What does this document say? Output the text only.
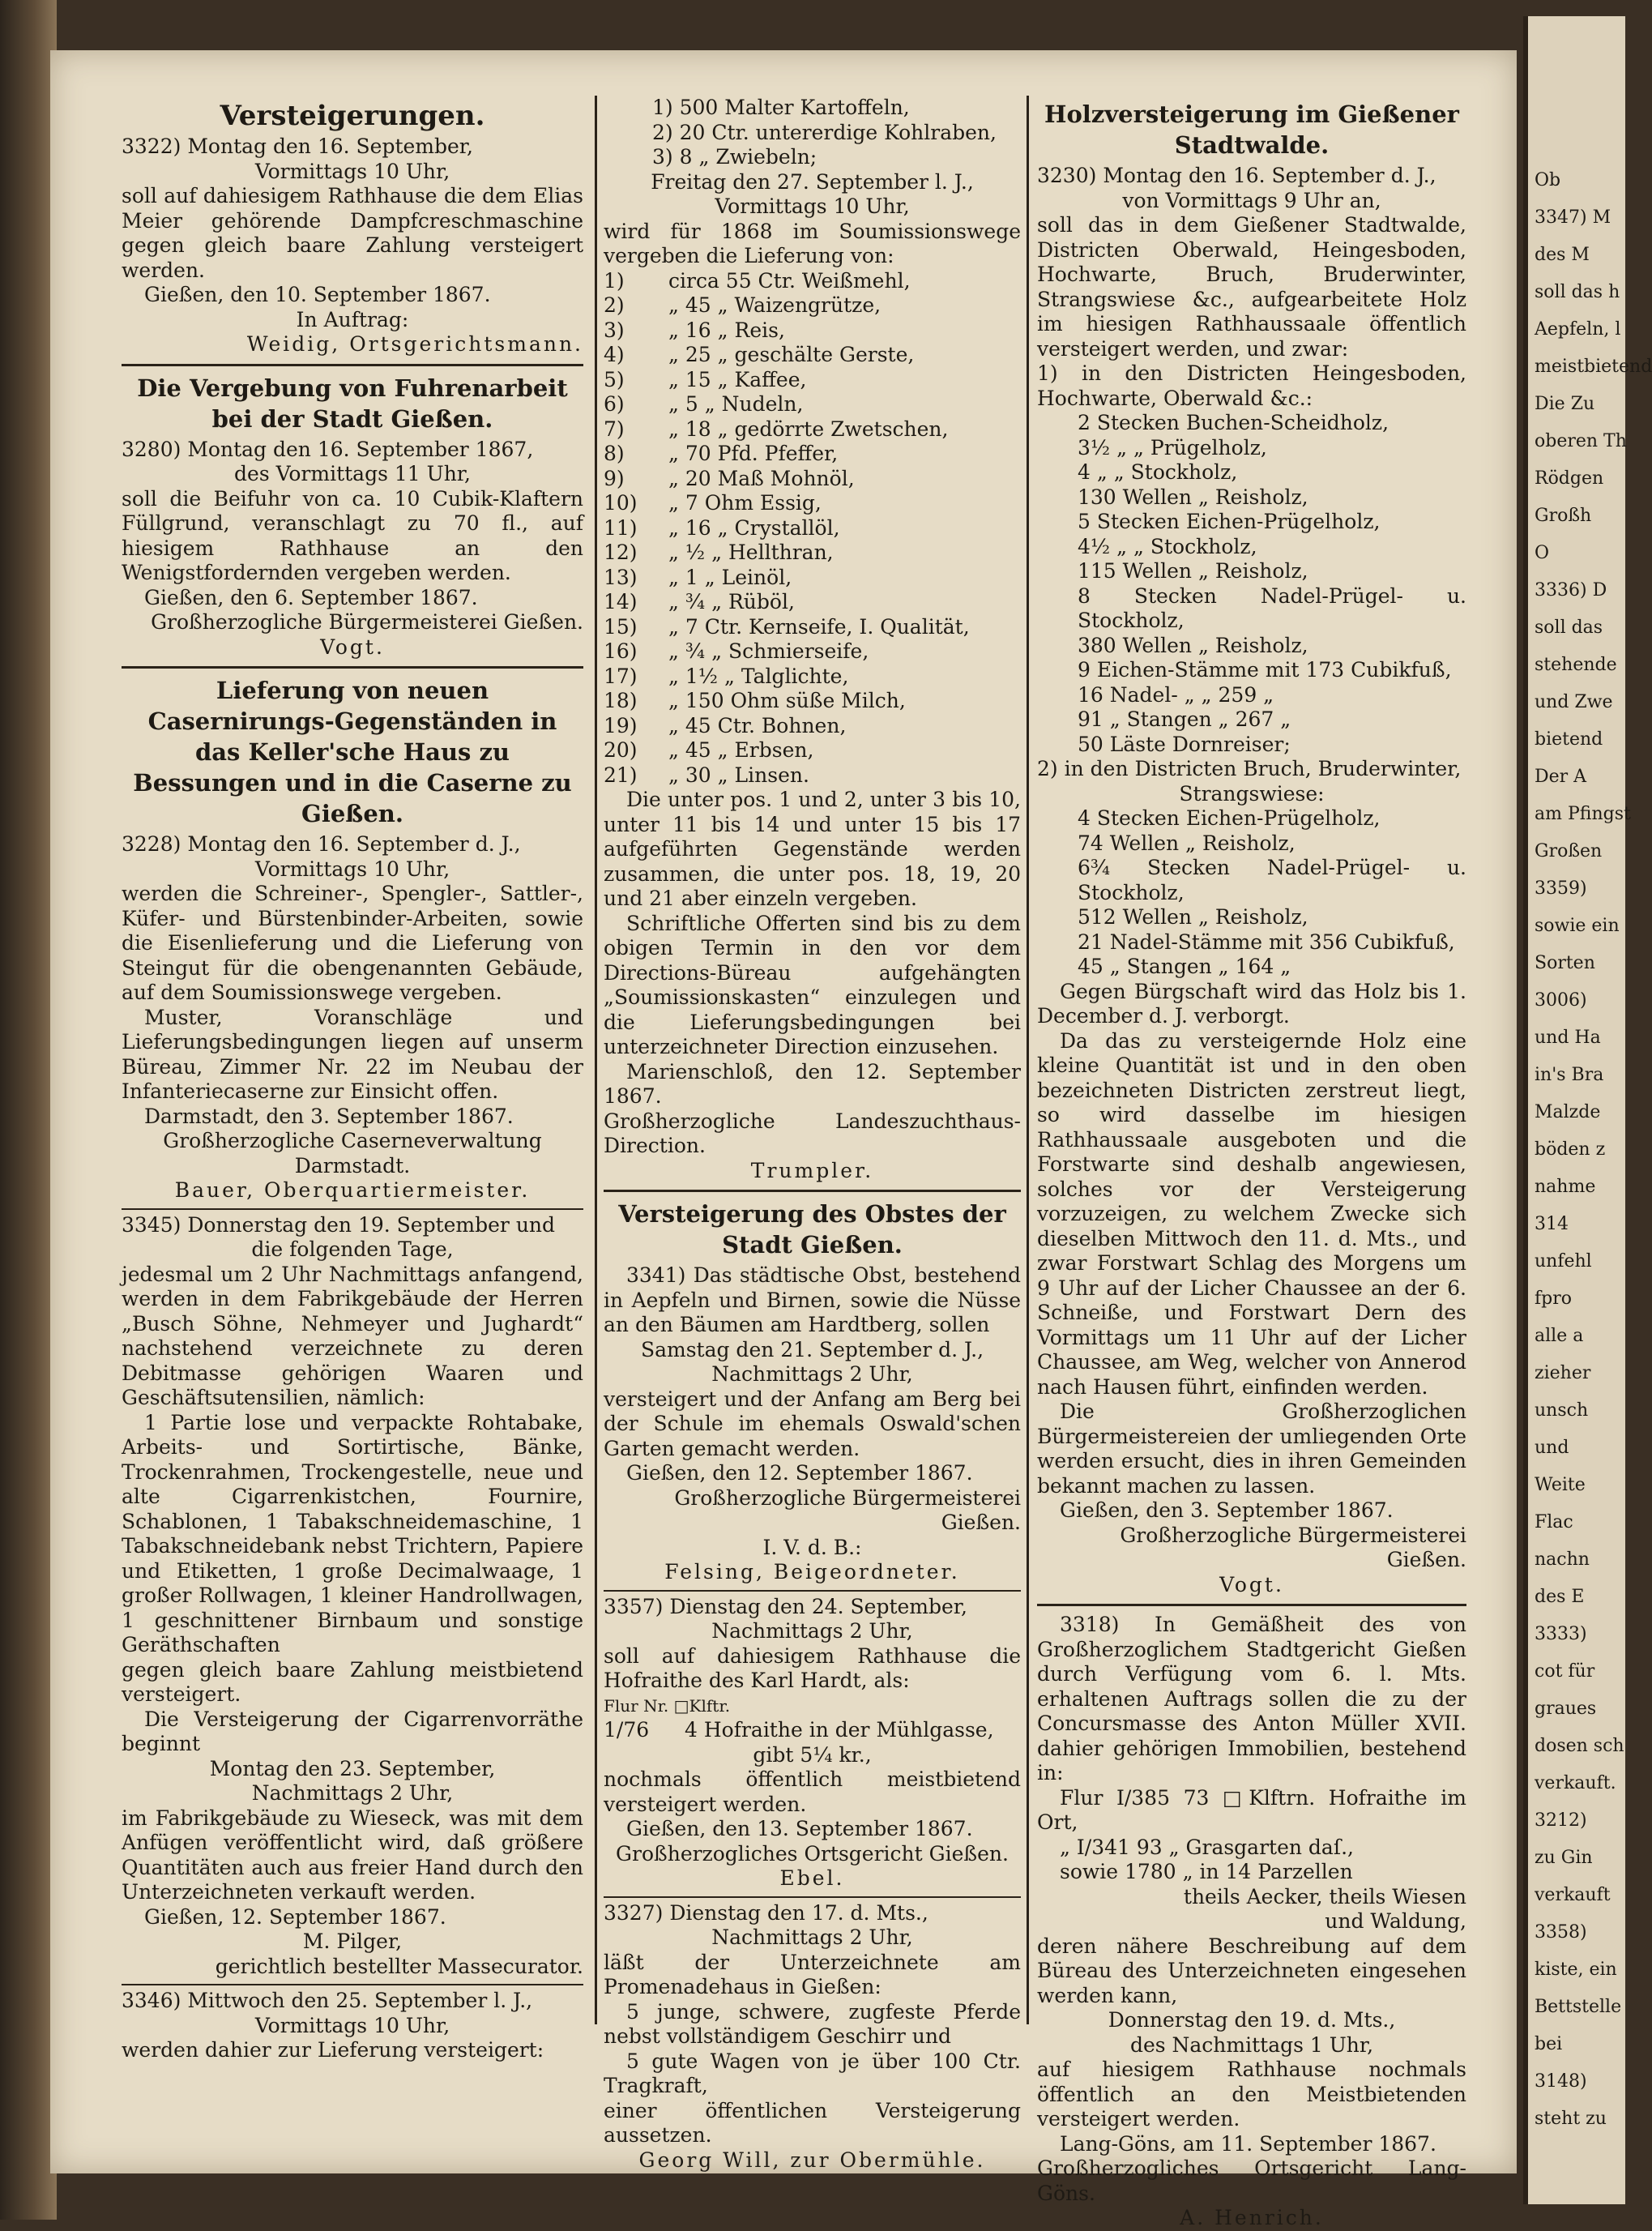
Versteigerungen.

3322) Montag den 16. September,

Vormittags 10 Uhr,

soll auf dahiesigem Rathhause die dem Elias Meier gehörende Dampfcreschmaschine gegen gleich baare Zahlung versteigert werden.

Gießen, den 10. September 1867.

In Auftrag:

Weidig, Ortsgerichtsmann.

Die Vergebung von Fuhrenarbeit bei der Stadt Gießen.

3280) Montag den 16. September 1867,

des Vormittags 11 Uhr,

soll die Beifuhr von ca. 10 Cubik-Klaftern Füllgrund, veranschlagt zu 70 fl., auf hiesigem Rathhause an den Wenigstfordernden vergeben werden.

Gießen, den 6. September 1867.

Großherzogliche Bürgermeisterei Gießen.

Vogt.

Lieferung von neuen Casernirungs-Gegenständen in das Keller'sche Haus zu Bessungen und in die Caserne zu Gießen.

3228) Montag den 16. September d. J.,

Vormittags 10 Uhr,

werden die Schreiner-, Spengler-, Sattler-, Küfer- und Bürstenbinder-Arbeiten, sowie die Eisenlieferung und die Lieferung von Steingut für die obengenannten Gebäude, auf dem Soumissionswege vergeben.

Muster, Voranschläge und Lieferungsbedingungen liegen auf unserm Büreau, Zimmer Nr. 22 im Neubau der Infanteriecaserne zur Einsicht offen.

Darmstadt, den 3. September 1867.

Großherzogliche Caserneverwaltung Darmstadt.

Bauer, Oberquartiermeister.

3345) Donnerstag den 19. September und

die folgenden Tage,

jedesmal um 2 Uhr Nachmittags anfangend, werden in dem Fabrikgebäude der Herren „Busch Söhne, Nehmeyer und Jughardt“ nachstehend verzeichnete zu deren Debitmasse gehörigen Waaren und Geschäftsutensilien, nämlich:

1 Partie lose und verpackte Rohtabake, Arbeits- und Sortirtische, Bänke, Trockenrahmen, Trockengestelle, neue und alte Cigarrenkistchen, Fournire, Schablonen, 1 Tabakschneidemaschine, 1 Tabakschneidebank nebst Trichtern, Papiere und Etiketten, 1 große Decimalwaage, 1 großer Rollwagen, 1 kleiner Handrollwagen, 1 geschnittener Birnbaum und sonstige Geräthschaften

gegen gleich baare Zahlung meistbietend versteigert.

Die Versteigerung der Cigarrenvorräthe beginnt

Montag den 23. September,

Nachmittags 2 Uhr,

im Fabrikgebäude zu Wieseck, was mit dem Anfügen veröffentlicht wird, daß größere Quantitäten auch aus freier Hand durch den Unterzeichneten verkauft werden.

Gießen, 12. September 1867.

M. Pilger,

gerichtlich bestellter Massecurator.

3346) Mittwoch den 25. September l. J.,

Vormittags 10 Uhr,

werden dahier zur Lieferung versteigert:

1) 500 Malter Kartoffeln,

2) 20 Ctr. untererdige Kohlraben,

3) 8 „ Zwiebeln;

Freitag den 27. September l. J.,

Vormittags 10 Uhr,

wird für 1868 im Soumissionswege vergeben die Lieferung von:

1)	circa 55 Ctr. Weißmehl,
2)	„ 45 „ Waizengrütze,
3)	„ 16 „ Reis,
4)	„ 25 „ geschälte Gerste,
5)	„ 15 „ Kaffee,
6)	„ 5 „ Nudeln,
7)	„ 18 „ gedörrte Zwetschen,
8)	„ 70 Pfd. Pfeffer,
9)	„ 20 Maß Mohnöl,
10)	„ 7 Ohm Essig,
11)	„ 16 „ Crystallöl,
12)	„ ½ „ Hellthran,
13)	„ 1 „ Leinöl,
14)	„ ¾ „ Rüböl,
15)	„ 7 Ctr. Kernseife, I. Qualität,
16)	„ ¾ „ Schmierseife,
17)	„ 1½ „ Talglichte,
18)	„ 150 Ohm süße Milch,
19)	„ 45 Ctr. Bohnen,
20)	„ 45 „ Erbsen,
21)	„ 30 „ Linsen.

Die unter pos. 1 und 2, unter 3 bis 10, unter 11 bis 14 und unter 15 bis 17 aufgeführten Gegenstände werden zusammen, die unter pos. 18, 19, 20 und 21 aber einzeln vergeben.

Schriftliche Offerten sind bis zu dem obigen Termin in den vor dem Directions-Büreau aufgehängten „Soumissionskasten“ einzulegen und die Lieferungsbedingungen bei unterzeichneter Direction einzusehen.

Marienschloß, den 12. September 1867.

Großherzogliche Landeszuchthaus-Direction.

Trumpler.

Versteigerung des Obstes der Stadt Gießen.

3341) Das städtische Obst, bestehend in Aepfeln und Birnen, sowie die Nüsse an den Bäumen am Hardtberg, sollen

Samstag den 21. September d. J.,

Nachmittags 2 Uhr,

versteigert und der Anfang am Berg bei der Schule im ehemals Oswald'schen Garten gemacht werden.

Gießen, den 12. September 1867.

Großherzogliche Bürgermeisterei Gießen.

I. V. d. B.:

Felsing, Beigeordneter.

3357) Dienstag den 24. September,

Nachmittags 2 Uhr,

soll auf dahiesigem Rathhause die Hofraithe des Karl Hardt, als:

Flur Nr. □Klftr.

1/76	4 Hofraithe in der Mühlgasse,

gibt 5¼ kr.,

nochmals öffentlich meistbietend versteigert werden.

Gießen, den 13. September 1867.

Großherzogliches Ortsgericht Gießen.

Ebel.

3327) Dienstag den 17. d. Mts.,

Nachmittags 2 Uhr,

läßt der Unterzeichnete am Promenadehaus in Gießen:

5 junge, schwere, zugfeste Pferde nebst vollständigem Geschirr und

5 gute Wagen von je über 100 Ctr. Tragkraft,

einer öffentlichen Versteigerung aussetzen.

Georg Will, zur Obermühle.

Holzversteigerung im Gießener Stadtwalde.

3230) Montag den 16. September d. J.,

von Vormittags 9 Uhr an,

soll das in dem Gießener Stadtwalde, Districten Oberwald, Heingesboden, Hochwarte, Bruch, Bruderwinter, Strangswiese &c., aufgearbeitete Holz im hiesigen Rathhaussaale öffentlich versteigert werden, und zwar:

1) in den Districten Heingesboden, Hochwarte, Oberwald &c.:

2 Stecken Buchen-Scheidholz,

3½ „ „ Prügelholz,

4 „ „ Stockholz,

130 Wellen „ Reisholz,

5 Stecken Eichen-Prügelholz,

4½ „ „ Stockholz,

115 Wellen „ Reisholz,

8 Stecken Nadel-Prügel- u. Stockholz,

380 Wellen „ Reisholz,

9 Eichen-Stämme mit 173 Cubikfuß,

16 Nadel- „ „ 259 „

91 „ Stangen „ 267 „

50 Läste Dornreiser;

2) in den Districten Bruch, Bruderwinter,

Strangswiese:

4 Stecken Eichen-Prügelholz,

74 Wellen „ Reisholz,

6¾ Stecken Nadel-Prügel- u. Stockholz,

512 Wellen „ Reisholz,

21 Nadel-Stämme mit 356 Cubikfuß,

45 „ Stangen „ 164 „

Gegen Bürgschaft wird das Holz bis 1. December d. J. verborgt.

Da das zu versteigernde Holz eine kleine Quantität ist und in den oben bezeichneten Districten zerstreut liegt, so wird dasselbe im hiesigen Rathhaussaale ausgeboten und die Forstwarte sind deshalb angewiesen, solches vor der Versteigerung vorzuzeigen, zu welchem Zwecke sich dieselben Mittwoch den 11. d. Mts., und zwar Forstwart Schlag des Morgens um 9 Uhr auf der Licher Chaussee an der 6. Schneiße, und Forstwart Dern des Vormittags um 11 Uhr auf der Licher Chaussee, am Weg, welcher von Annerod nach Hausen führt, einfinden werden.

Die Großherzoglichen Bürgermeistereien der umliegenden Orte werden ersucht, dies in ihren Gemeinden bekannt machen zu lassen.

Gießen, den 3. September 1867.

Großherzogliche Bürgermeisterei Gießen.

Vogt.

3318) In Gemäßheit des von Großherzoglichem Stadtgericht Gießen durch Verfügung vom 6. l. Mts. erhaltenen Auftrags sollen die zu der Concursmasse des Anton Müller XVII. dahier gehörigen Immobilien, bestehend in:

Flur I/385 73 □Klftrn. Hofraithe im Ort,

„ I/341 93 „ Grasgarten daſ.,

sowie 1780 „ in 14 Parzellen

theils Aecker, theils Wiesen

und Waldung,

deren nähere Beschreibung auf dem Büreau des Unterzeichneten eingesehen werden kann,

Donnerstag den 19. d. Mts.,

des Nachmittags 1 Uhr,

auf hiesigem Rathhause nochmals öffentlich an den Meistbietenden versteigert werden.

Lang-Göns, am 11. September 1867.

Großherzogliches Ortsgericht Lang-Göns.

A. Henrich.

Ob
3347) M
des M
soll das h
Aepfeln, l
meistbietend
Die Zu
oberen Th
Rödgen
Großh
O
3336) D
soll das
stehende
und Zwe
bietend
Der A
am Pfingst
Großen
3359)
sowie ein
Sorten
3006)
und Ha
in's Bra
Malzde
böden z
nahme
314
unfehl
fpro
alle a
zieher
unsch
und
Weite
Flac
nachn
des E
3333)
cot für
graues
dosen sch
verkauft.
3212)
zu Gin
verkauft
3358)
kiste, ein
Bettstelle
bei
3148)
steht zu
